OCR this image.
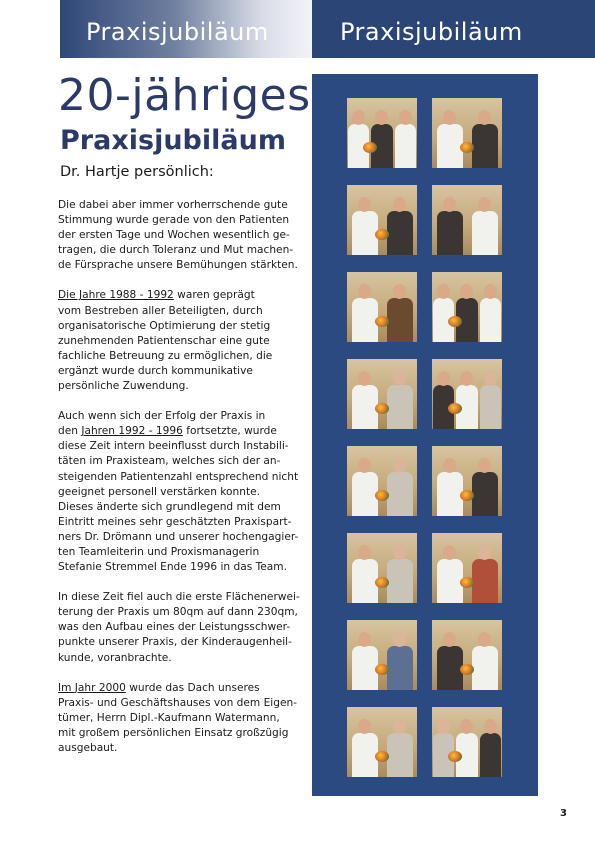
Praxisjubiläum	Praxisjubiläum
20-jähriges
Praxisjubiläum
Dr. Hartje persönlich:
Die dabei aber immer vorherrschende gute
Stimmung wurde gerade von den Patienten
der ersten Tage und Wochen wesentlich ge-
tragen, die durch Toleranz und Mut machen-
de Fürsprache unsere Bemühungen stärkten.
Die Jahre 1988 - 1992 waren geprägt
vom Bestreben aller Beteiligten, durch
organisatorische Optimierung der stetig
zunehmenden Patientenschar eine gute
fachliche Betreuung zu ermöglichen, die
ergänzt wurde durch kommunikative
persönliche Zuwendung.
Auch wenn sich der Erfolg der Praxis in
den Jahren 1992 - 1996 fortsetzte, wurde
diese Zeit intern beeinflusst durch Instabili-
täten im Praxisteam, welches sich der an-
steigenden Patientenzahl entsprechend nicht
geeignet personell verstärken konnte.
Dieses änderte sich grundlegend mit dem
Eintritt meines sehr geschätzten Praxispart-
ners Dr. Drömann und unserer hochengagier-
ten Teamleiterin und Proxismanagerin
Stefanie Stremmel Ende 1996 in das Team.
In diese Zeit fiel auch die erste Flächenerwei-
terung der Praxis um 80qm auf dann 230qm,
was den Aufbau eines der Leistungsschwer-
punkte unserer Praxis, der Kinderaugenheil-
kunde, voranbrachte.
Im Jahr 2000 wurde das Dach unseres
Praxis- und Geschäftshauses von dem Eigen-
tümer, Herrn Dipl.-Kaufmann Watermann,
mit großem persönlichen Einsatz großzügig
ausgebaut.
3
